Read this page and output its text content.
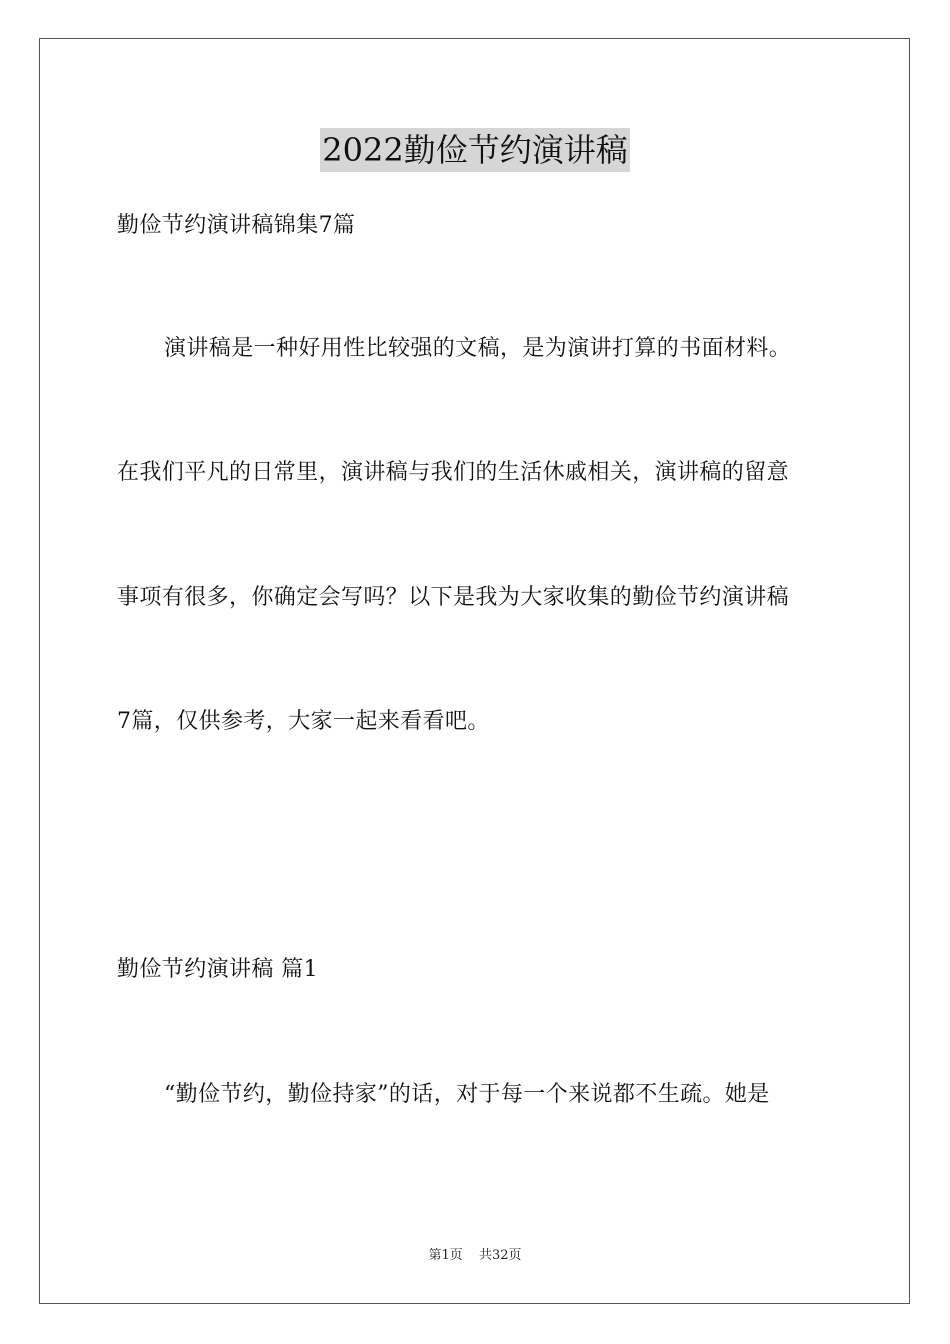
2022勤俭节约演讲稿
勤俭节约演讲稿锦集7篇
演讲稿是一种好用性比较强的文稿，是为演讲打算的书面材料。
在我们平凡的日常里，演讲稿与我们的生活休戚相关，演讲稿的留意
事项有很多，你确定会写吗？以下是我为大家收集的勤俭节约演讲稿
7篇，仅供参考，大家一起来看看吧。
勤俭节约演讲稿 篇1
“勤俭节约，勤俭持家”的话，对于每一个来说都不生疏。她是
第1页 共32页
